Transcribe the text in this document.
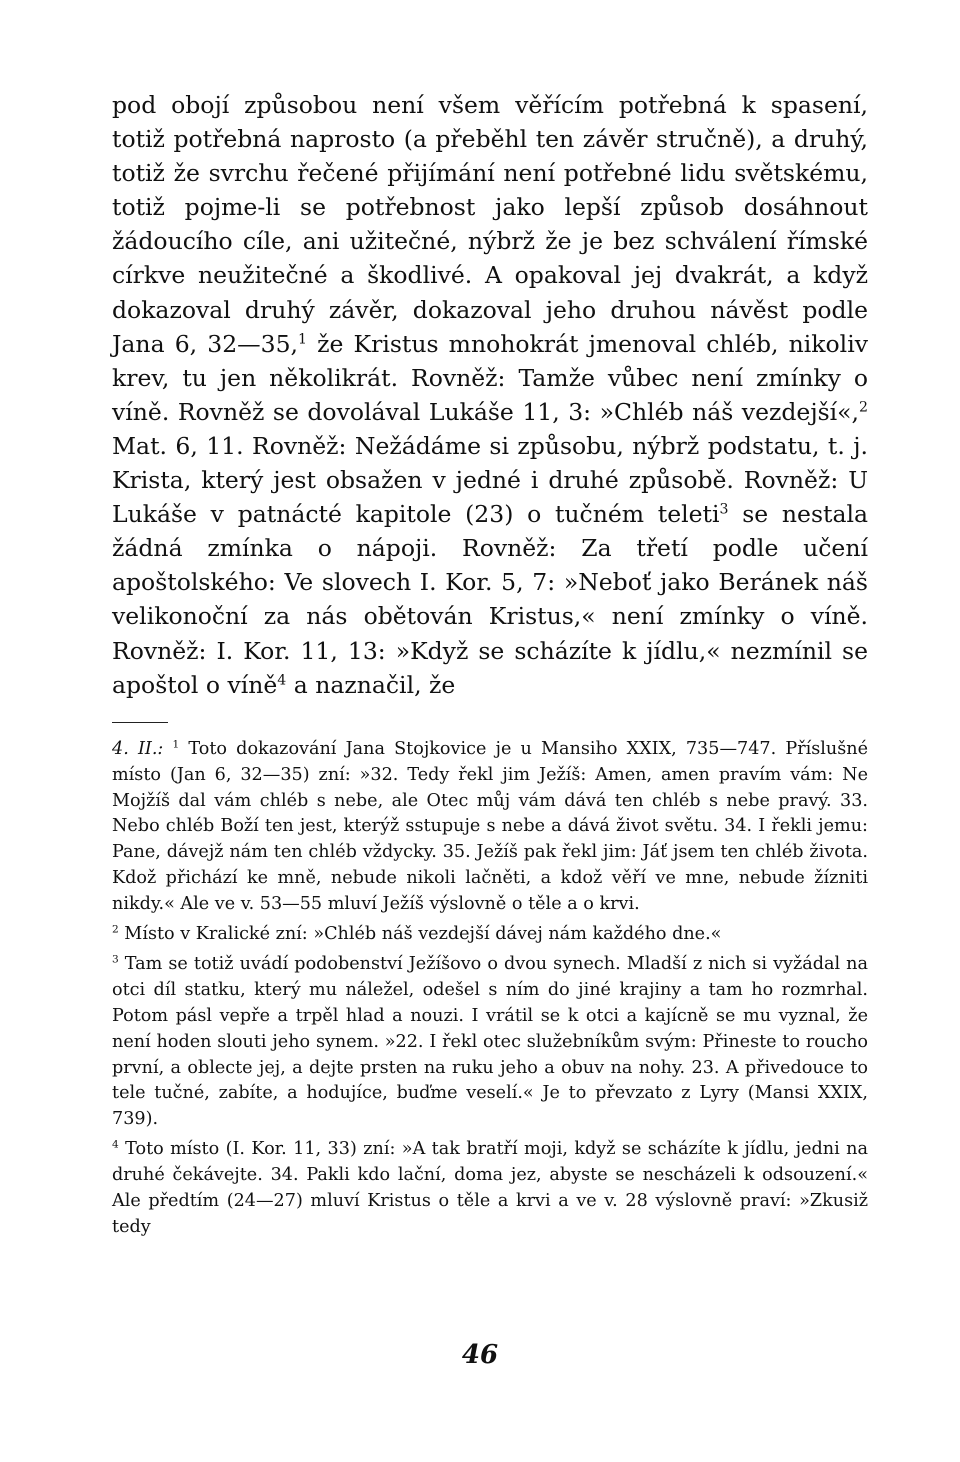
pod obojí způsobou není všem věřícím potřebná k spasení, totiž potřebná naprosto (a přeběhl ten závěr stručně), a druhý, totiž že svrchu řečené přijímání není potřebné lidu světskému, totiž pojme-li se potřebnost jako lepší způsob dosáhnout žádoucího cíle, ani užitečné, nýbrž že je bez schválení římské církve neužitečné a škodlivé. A opakoval jej dvakrát, a když dokazoval druhý závěr, dokazoval jeho druhou návěst podle Jana 6, 32—35,$^1$ že Kristus mnohokrát jmenoval chléb, nikoliv krev, tu jen několikrát. Rovněž: Tamže vůbec není zmínky o víně. Rovněž se dovolával Lukáše 11, 3: »Chléb náš vezdejší«,$^2$ Mat. 6, 11. Rovněž: Nežádáme si způsobu, nýbrž podstatu, t. j. Krista, který jest obsažen v jedné i druhé způsobě. Rovněž: U Lukáše v patnácté kapitole (23) o tučném teleti$^3$ se nestala žádná zmínka o nápoji. Rovněž: Za třetí podle učení apoštolského: Ve slovech I. Kor. 5, 7: »Neboť jako Beránek náš velikonoční za nás obětován Kristus,« není zmínky o víně. Rovněž: I. Kor. 11, 13: »Když se scházíte k jídlu,« nezmínil se apoštol o víně$^4$ a naznačil, že

4. II.: $^1$ Toto dokazování Jana Stojkovice je u Mansiho XXIX, 735—747. Příslušné místo (Jan 6, 32—35) zní: »32. Tedy řekl jim Ježíš: Amen, amen pravím vám: Ne Mojžíš dal vám chléb s nebe, ale Otec můj vám dává ten chléb s nebe pravý. 33. Nebo chléb Boží ten jest, kterýž sstupuje s nebe a dává život světu. 34. I řekli jemu: Pane, dávejž nám ten chléb vždycky. 35. Ježíš pak řekl jim: Jáť jsem ten chléb života. Kdož přichází ke mně, nebude nikoli lačněti, a kdož věří ve mne, nebude žízniti nikdy.« Ale ve v. 53—55 mluví Ježíš výslovně o těle a o krvi.

$^2$ Místo v Kralické zní: »Chléb náš vezdejší dávej nám každého dne.«

$^3$ Tam se totiž uvádí podobenství Ježíšovo o dvou synech. Mladší z nich si vyžádal na otci díl statku, který mu náležel, odešel s ním do jiné krajiny a tam ho rozmrhal. Potom pásl vepře a trpěl hlad a nouzi. I vrátil se k otci a kajícně se mu vyznal, že není hoden slouti jeho synem. »22. I řekl otec služebníkům svým: Přineste to roucho první, a oblecte jej, a dejte prsten na ruku jeho a obuv na nohy. 23. A přivedouce to tele tučné, zabíte, a hodujíce, buďme veselí.« Je to převzato z Lyry (Mansi XXIX, 739).

$^4$ Toto místo (I. Kor. 11, 33) zní: »A tak bratří moji, když se scházíte k jídlu, jedni na druhé čekávejte. 34. Pakli kdo lační, doma jez, abyste se nescházeli k odsouzení.« Ale předtím (24—27) mluví Kristus o těle a krvi a ve v. 28 výslovně praví: »Zkusiž tedy

46
